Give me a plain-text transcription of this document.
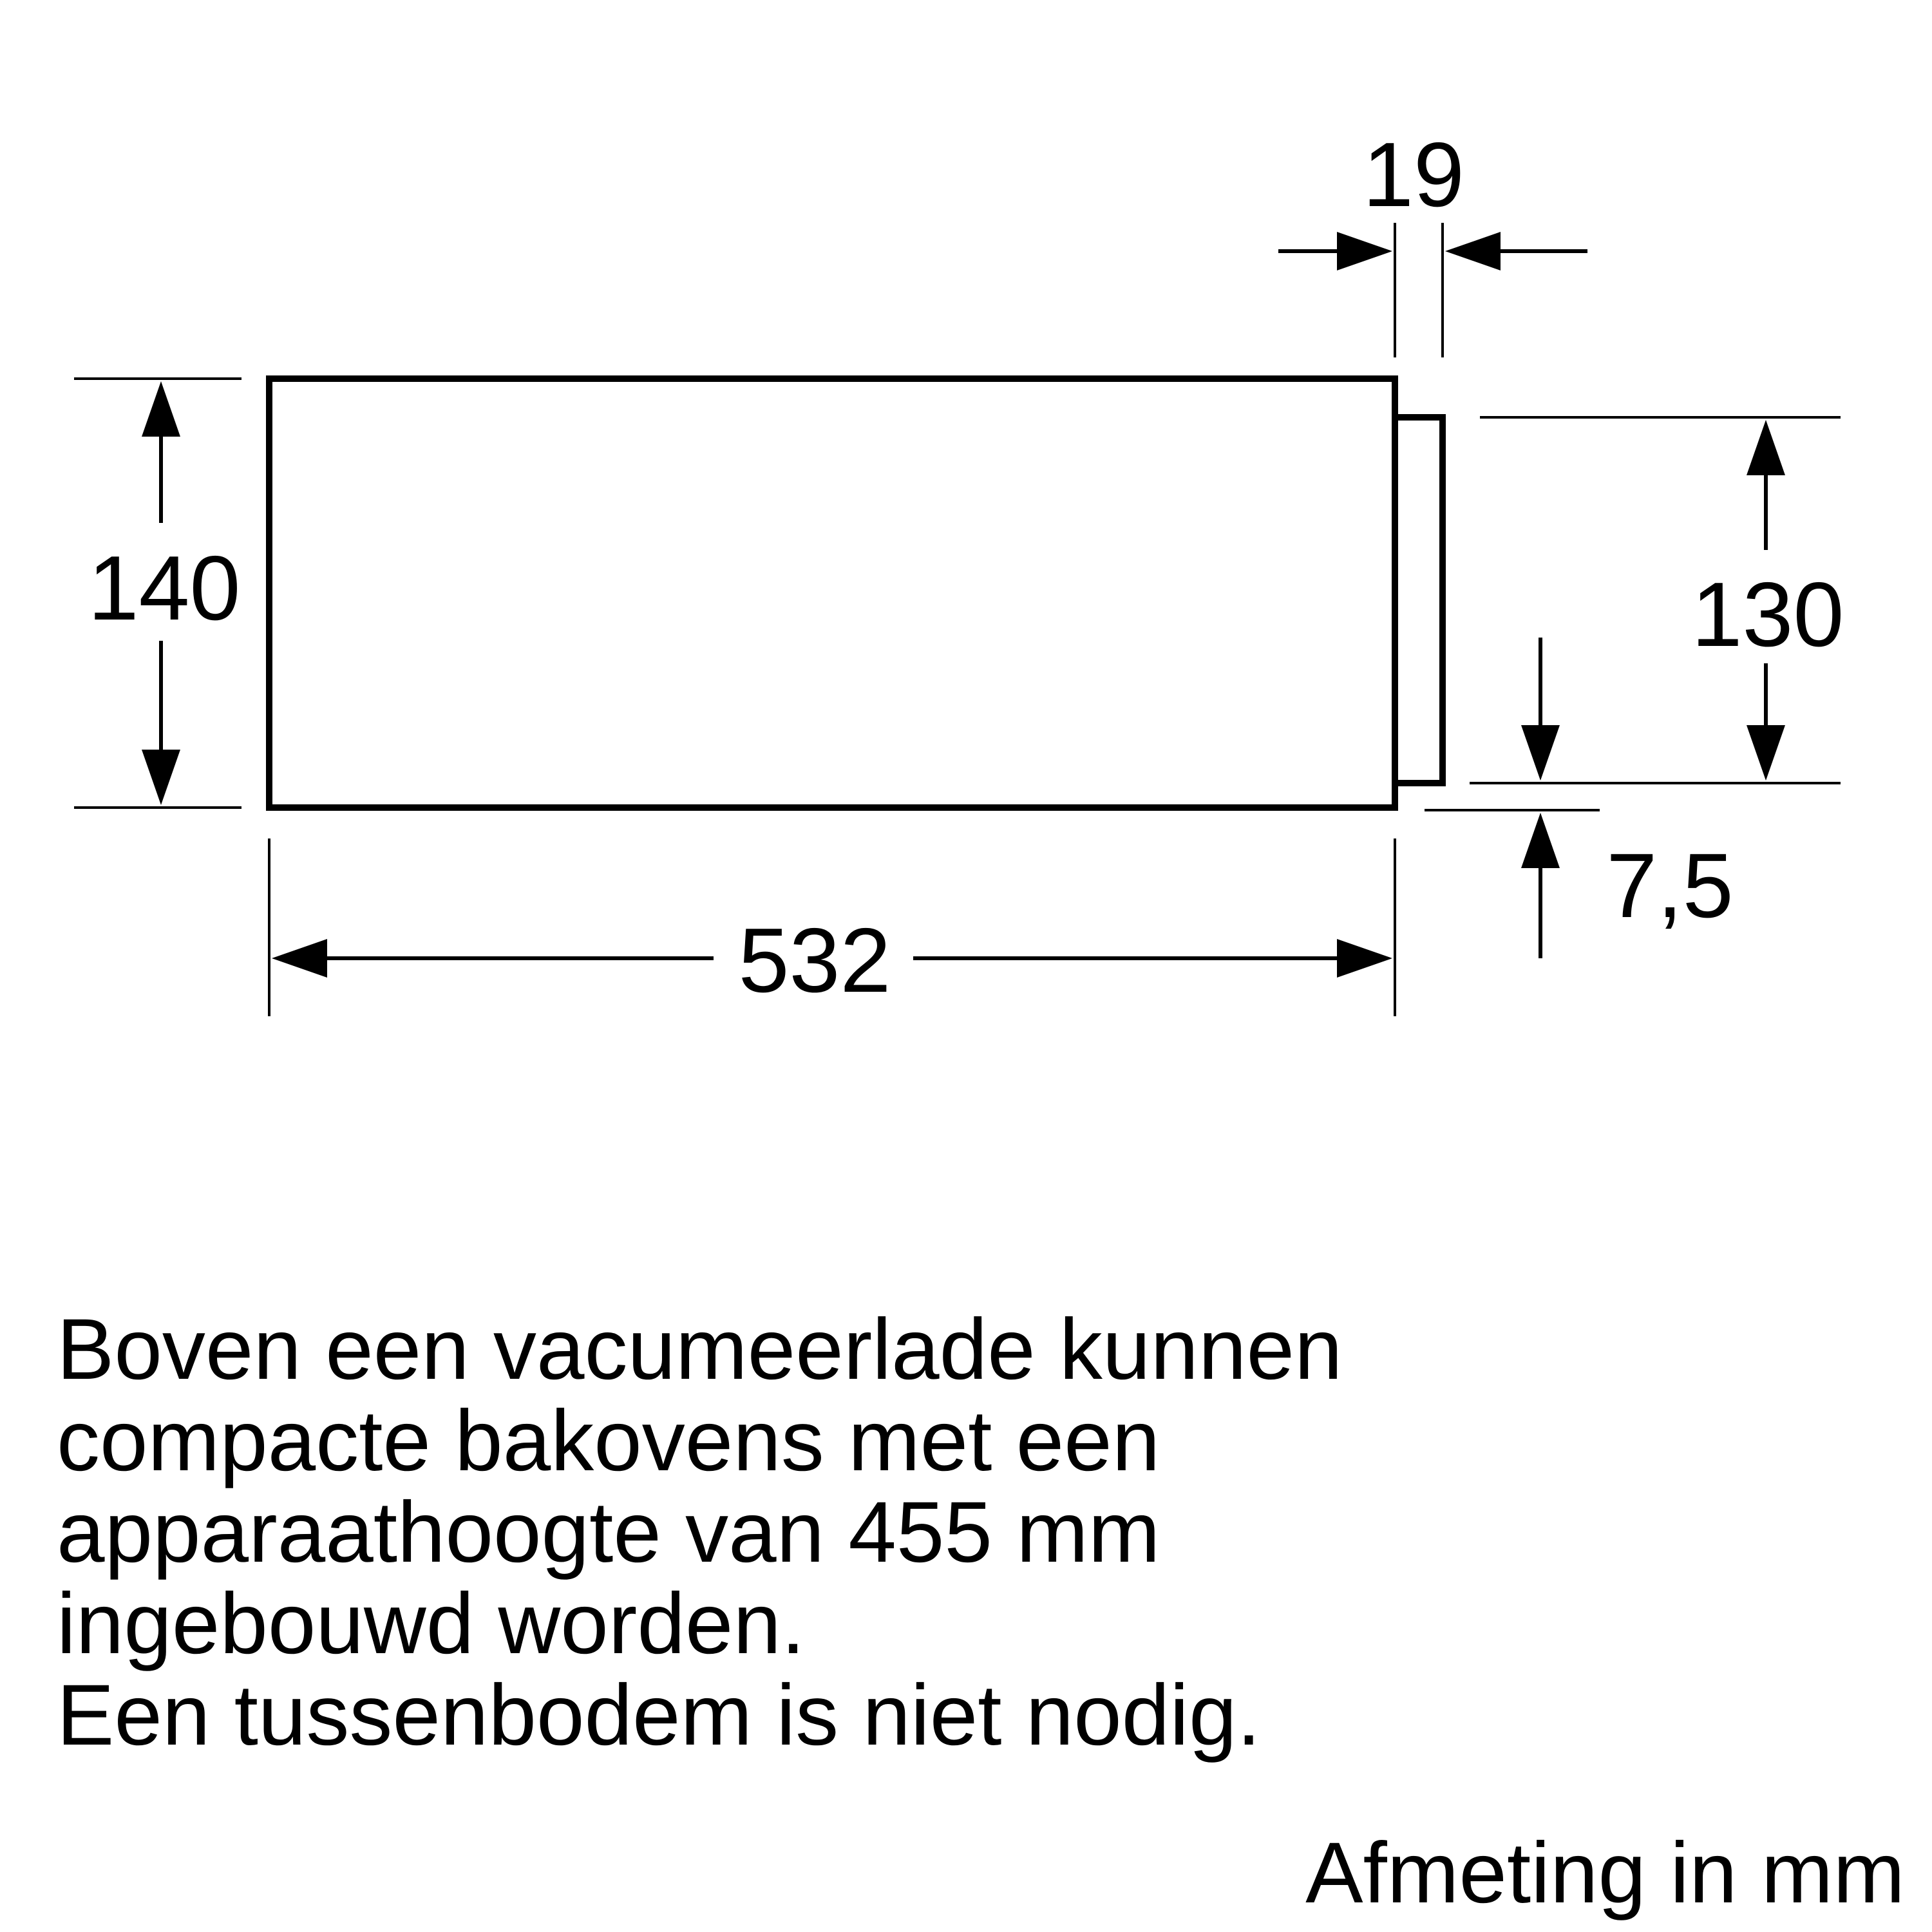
140
532
19
130
7,5
Boven een vacumeerlade kunnen
compacte bakovens met een
apparaathoogte van 455 mm
ingebouwd worden.
Een tussenbodem is niet nodig.
Afmeting in mm
